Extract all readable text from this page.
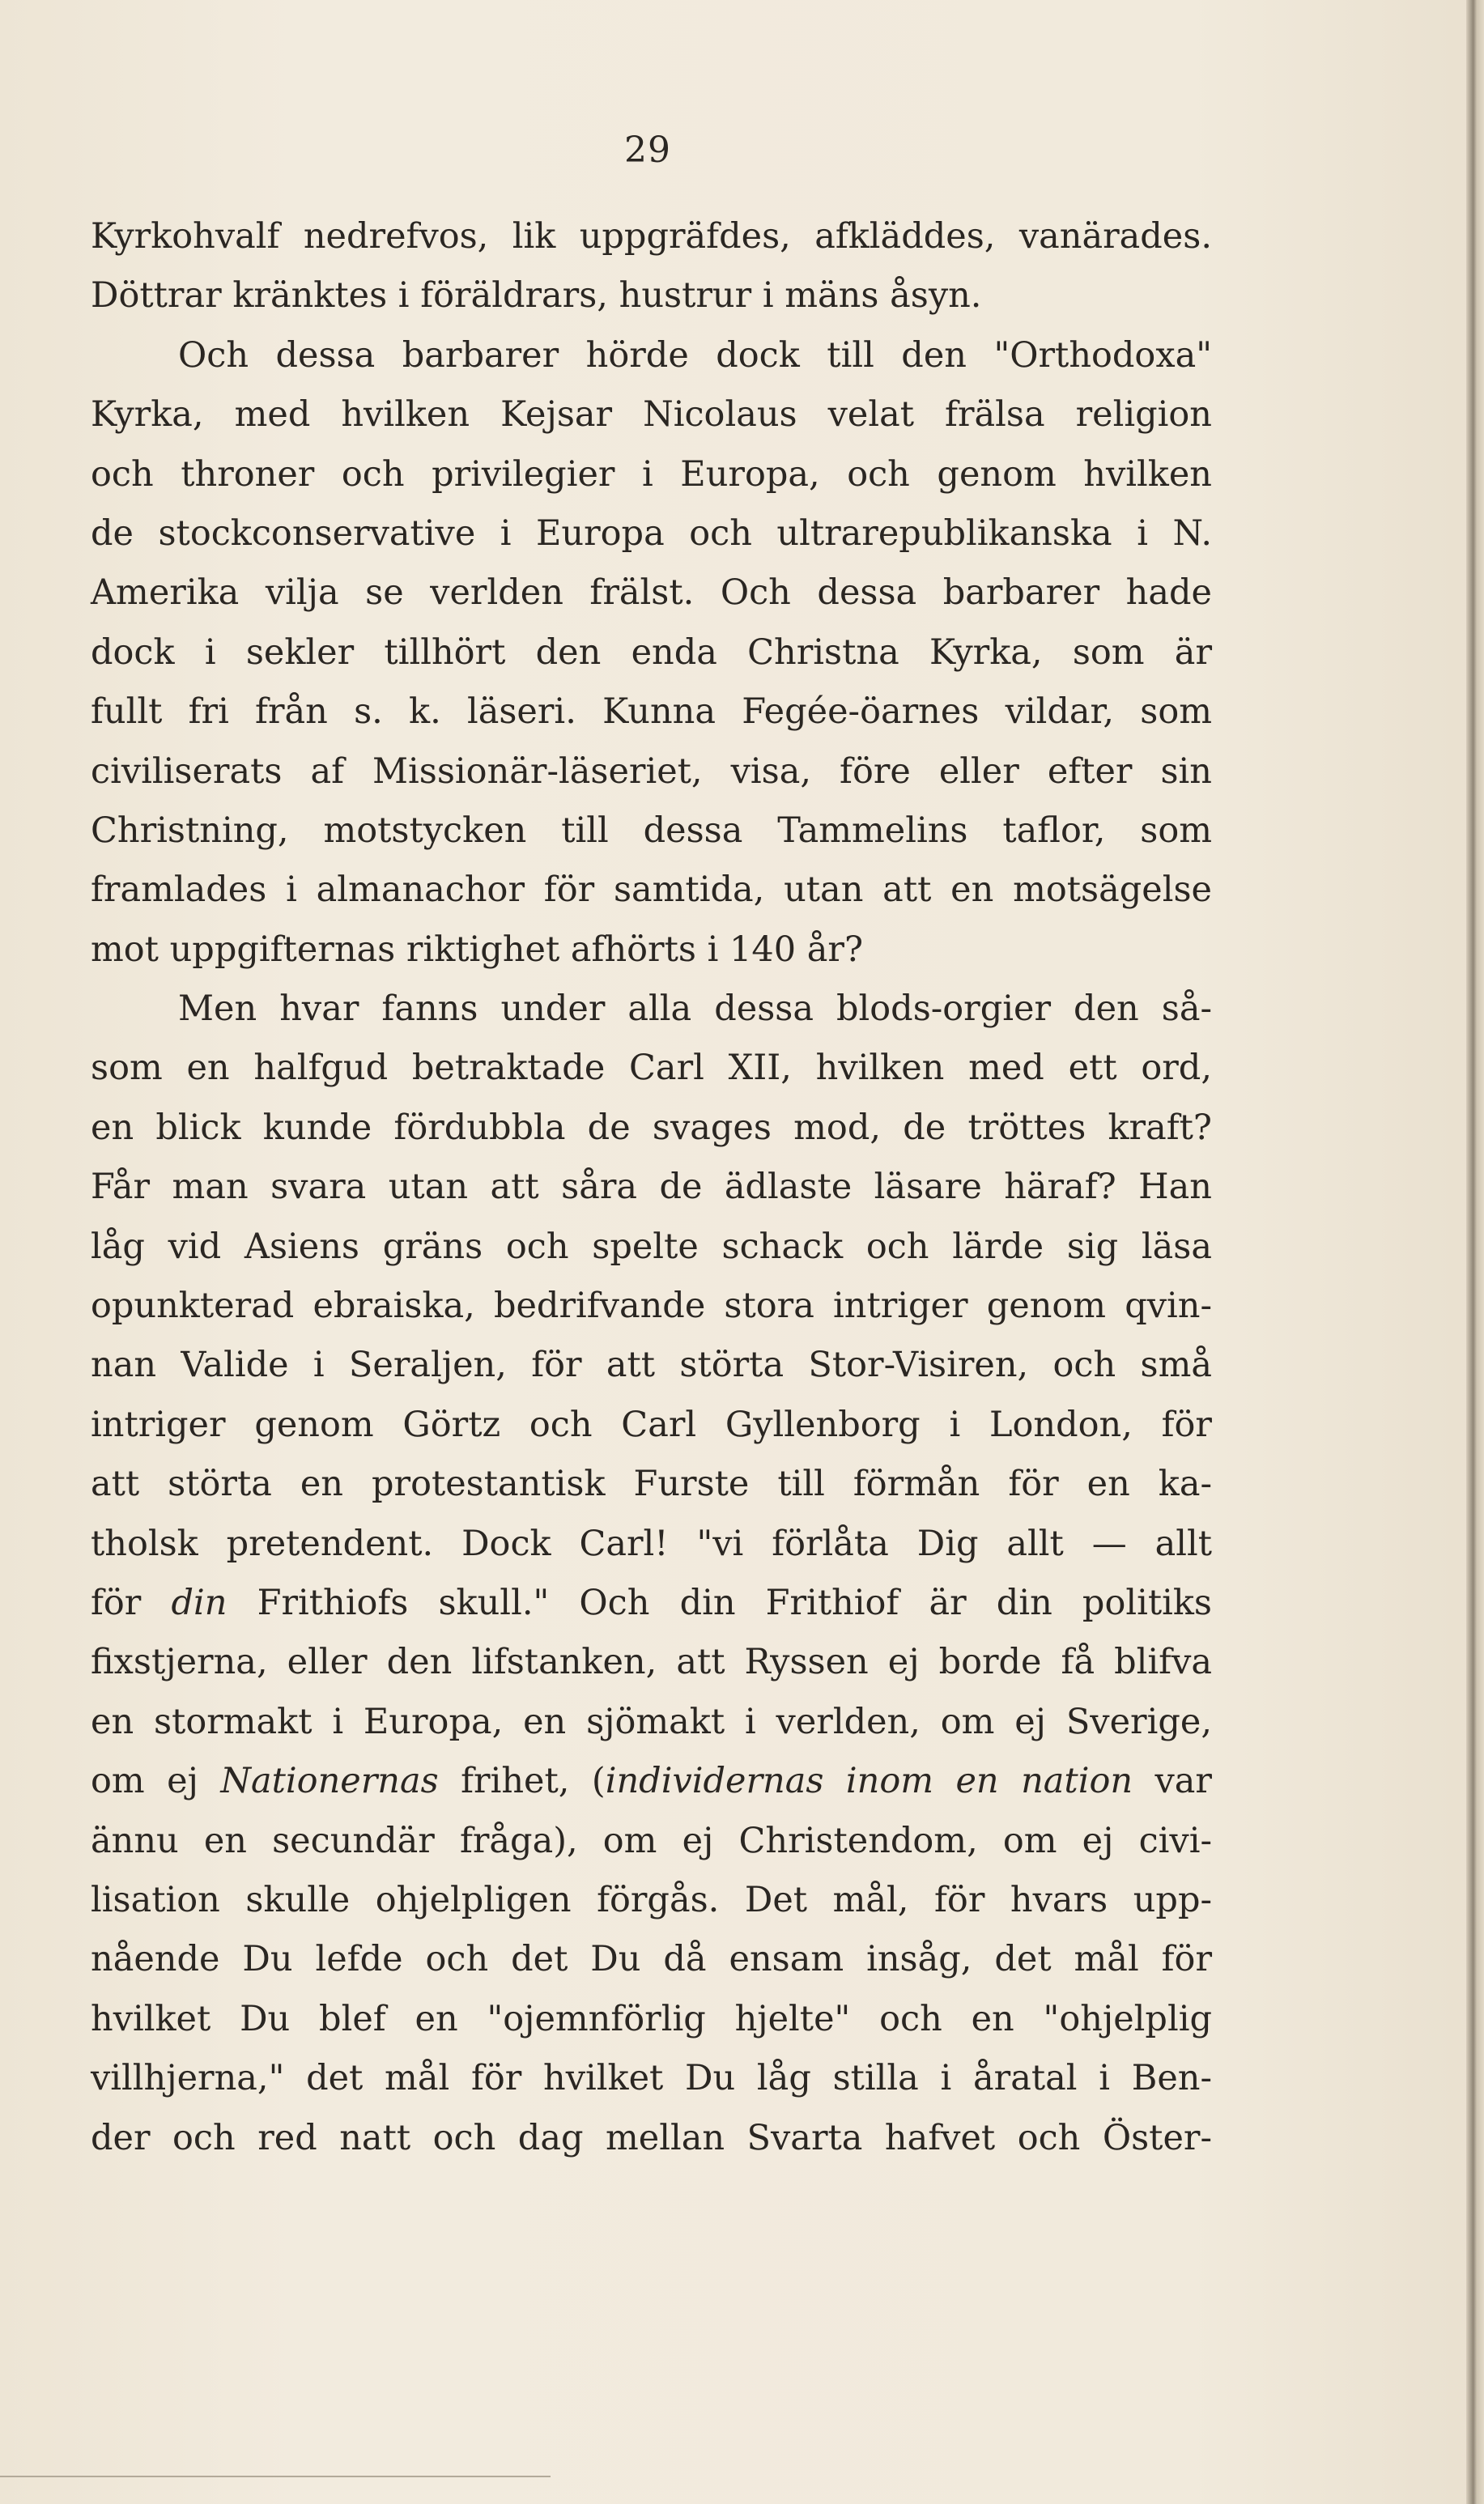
29
Kyrkohvalf nedrefvos, lik uppgräfdes, afkläddes, vanärades.
Döttrar kränktes i föräldrars, hustrur i mäns åsyn.
Och dessa barbarer hörde dock till den "Orthodoxa"
Kyrka, med hvilken Kejsar Nicolaus velat frälsa religion
och throner och privilegier i Europa, och genom hvilken
de stockconservative i Europa och ultrarepublikanska i N.
Amerika vilja se verlden frälst. Och dessa barbarer hade
dock i sekler tillhört den enda Christna Kyrka, som är
fullt fri från s. k. läseri. Kunna Fegée-öarnes vildar, som
civiliserats af Missionär-läseriet, visa, före eller efter sin
Christning, motstycken till dessa Tammelins taflor, som
framlades i almanachor för samtida, utan att en motsägelse
mot uppgifternas riktighet afhörts i 140 år?
Men hvar fanns under alla dessa blods-orgier den så-
som en halfgud betraktade Carl XII, hvilken med ett ord,
en blick kunde fördubbla de svages mod, de tröttes kraft?
Får man svara utan att såra de ädlaste läsare häraf? Han
låg vid Asiens gräns och spelte schack och lärde sig läsa
opunkterad ebraiska, bedrifvande stora intriger genom qvin-
nan Valide i Seraljen, för att störta Stor-Visiren, och små
intriger genom Görtz och Carl Gyllenborg i London, för
att störta en protestantisk Furste till förmån för en ka-
tholsk pretendent. Dock Carl! "vi förlåta Dig allt — allt
för din Frithiofs skull." Och din Frithiof är din politiks
fixstjerna, eller den lifstanken, att Ryssen ej borde få blifva
en stormakt i Europa, en sjömakt i verlden, om ej Sverige,
om ej Nationernas frihet, (individernas inom en nation var
ännu en secundär fråga), om ej Christendom, om ej civi-
lisation skulle ohjelpligen förgås. Det mål, för hvars upp-
nående Du lefde och det Du då ensam insåg, det mål för
hvilket Du blef en "ojemnförlig hjelte" och en "ohjelplig
villhjerna," det mål för hvilket Du låg stilla i åratal i Ben-
der och red natt och dag mellan Svarta hafvet och Öster-
